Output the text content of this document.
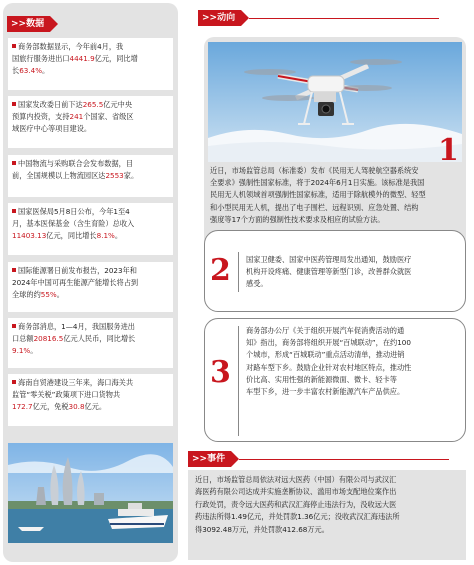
>>数据
商务部数据显示，今年前4月，我
国旅行服务进出口4441.9亿元，同比增
长63.4%。
国家发改委日前下达265.5亿元中央
预算内投资，支持241个国家、省级区
域医疗中心等项目建设。
中国物流与采购联合会发布数据，目
前，全国规模以上物流园区达2553家。
国家医保局5月8日公布，今年1至4
月，基本医保基金（含生育险）总收入
11403.13亿元，同比增长8.1%。
国际能源署日前发布报告，2023年和
2024年中国可再生能源产能增长将占到
全球的约55%。
商务部消息，1—4月，我国服务进出
口总额20816.5亿元人民币，同比增长
9.1%。
海南自贸港建设三年来，海口海关共
监管“零关税”政策项下进口货物共
172.7亿元，免税30.8亿元。
>>动向
1
近日，市场监管总局（标准委）发布《民用无人驾驶航空器系统安
全要求》强制性国家标准，将于2024年6月1日实施。该标准是我国
民用无人机领域首项强制性国家标准，适用于除航模外的微型、轻型
和小型民用无人机，提出了电子围栏、远程识别、应急处置、结构
强度等17个方面的强制性技术要求及相应的试验方法。
2 国家卫健委、国家中医药管理局发出通知，鼓励医疗
机构开设疼痛、健康管理等新型门诊，改善群众就医
感受。
3
商务部办公厅《关于组织开展汽车促消费活动的通
知》指出，商务部将组织开展“百城联动”，在约100
个城市，形成“百城联动”重点活动清单，推动进销
对路车型下乡。鼓励企业针对农村地区特点，推动性
价比高、实用性强的新能源微面、微卡、轻卡等
车型下乡，进一步丰富农村新能源汽车产品供应。
>>事件
近日，市场监管总局依法对远大医药（中国）有限公司与武汉汇
海医药有限公司达成并实施垄断协议、滥用市场支配地位案作出
行政处罚，责令远大医药和武汉汇海停止违法行为，没收远大医
药违法所得1.49亿元，并处罚款1.36亿元；没收武汉汇海违法所
得3092.48万元，并处罚款412.68万元。
